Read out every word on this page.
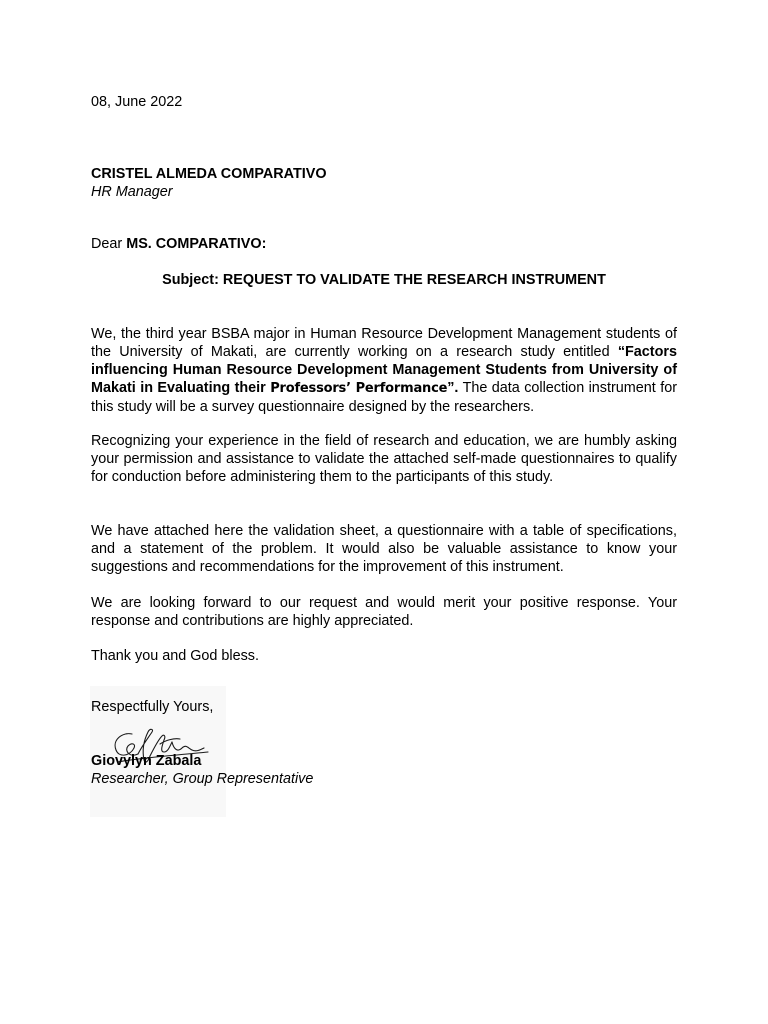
08, June 2022

CRISTEL ALMEDA COMPARATIVO

HR Manager

Dear MS. COMPARATIVO:

Subject: REQUEST TO VALIDATE THE RESEARCH INSTRUMENT

We, the third year BSBA major in Human Resource Development Management students of the University of Makati, are currently working on a research study entitled “Factors influencing Human Resource Development Management Students from University of Makati in Evaluating their Professors’ Performance”. The data collection instrument for this study will be a survey questionnaire designed by the researchers.

Recognizing your experience in the field of research and education, we are humbly asking your permission and assistance to validate the attached self-made questionnaires to qualify for conduction before administering them to the participants of this study.

We have attached here the validation sheet, a questionnaire with a table of specifications, and a statement of the problem. It would also be valuable assistance to know your suggestions and recommendations for the improvement of this instrument.

We are looking forward to our request and would merit your positive response. Your response and contributions are highly appreciated.

Thank you and God bless.

Respectfully Yours,

Giovylyn Zabala

Researcher, Group Representative
